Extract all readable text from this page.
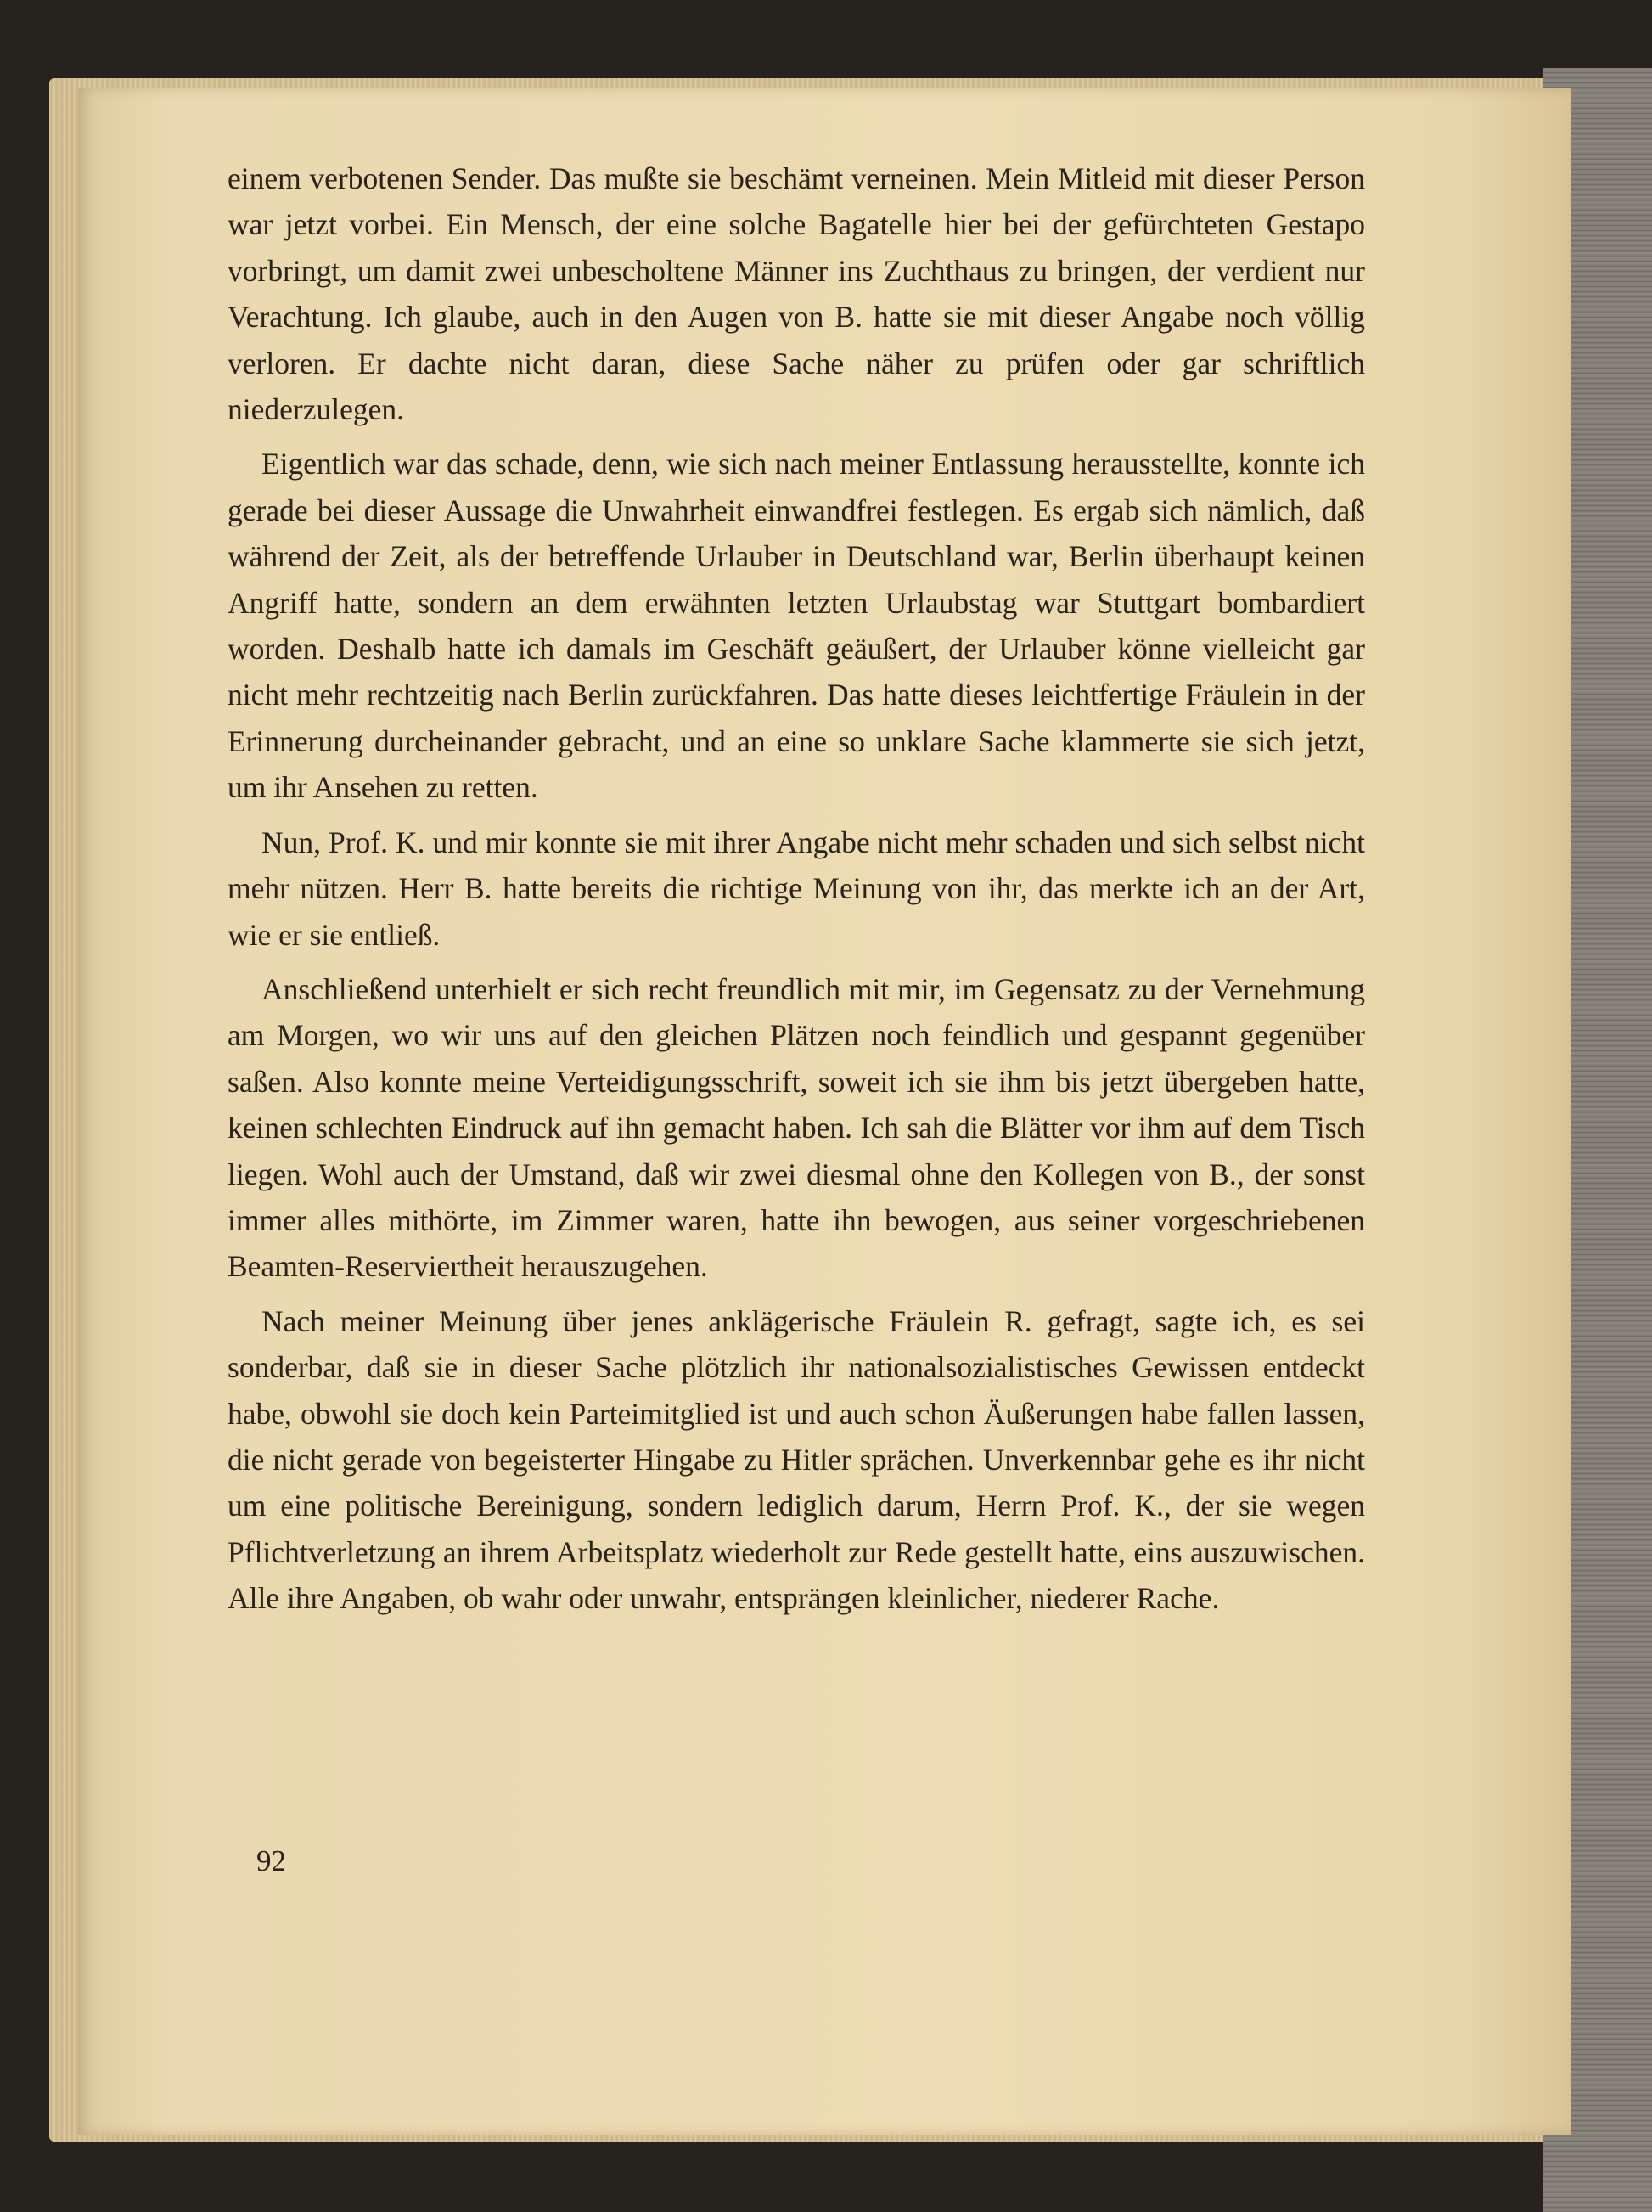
einem verbotenen Sender. Das mußte sie beschämt verneinen. Mein Mitleid mit dieser Person war jetzt vorbei. Ein Mensch, der eine solche Bagatelle hier bei der gefürchteten Gestapo vorbringt, um damit zwei unbescholtene Männer ins Zuchthaus zu bringen, der verdient nur Verachtung. Ich glaube, auch in den Augen von B. hatte sie mit dieser Angabe noch völlig verloren. Er dachte nicht daran, diese Sache näher zu prüfen oder gar schriftlich niederzulegen.

Eigentlich war das schade, denn, wie sich nach meiner Entlassung herausstellte, konnte ich gerade bei dieser Aussage die Unwahrheit einwandfrei festlegen. Es ergab sich nämlich, daß während der Zeit, als der betreffende Urlauber in Deutschland war, Berlin überhaupt keinen Angriff hatte, sondern an dem erwähnten letzten Urlaubstag war Stuttgart bombardiert worden. Deshalb hatte ich damals im Geschäft geäußert, der Urlauber könne vielleicht gar nicht mehr rechtzeitig nach Berlin zurückfahren. Das hatte dieses leichtfertige Fräulein in der Erinnerung durcheinander gebracht, und an eine so unklare Sache klammerte sie sich jetzt, um ihr Ansehen zu retten.

Nun, Prof. K. und mir konnte sie mit ihrer Angabe nicht mehr schaden und sich selbst nicht mehr nützen. Herr B. hatte bereits die richtige Meinung von ihr, das merkte ich an der Art, wie er sie entließ.

Anschließend unterhielt er sich recht freundlich mit mir, im Gegensatz zu der Vernehmung am Morgen, wo wir uns auf den gleichen Plätzen noch feindlich und gespannt gegenüber saßen. Also konnte meine Verteidigungsschrift, soweit ich sie ihm bis jetzt übergeben hatte, keinen schlechten Eindruck auf ihn gemacht haben. Ich sah die Blätter vor ihm auf dem Tisch liegen. Wohl auch der Umstand, daß wir zwei diesmal ohne den Kollegen von B., der sonst immer alles mithörte, im Zimmer waren, hatte ihn bewogen, aus seiner vorgeschriebenen Beamten-Reserviertheit herauszugehen.

Nach meiner Meinung über jenes anklägerische Fräulein R. gefragt, sagte ich, es sei sonderbar, daß sie in dieser Sache plötzlich ihr nationalsozialistisches Gewissen entdeckt habe, obwohl sie doch kein Parteimitglied ist und auch schon Äußerungen habe fallen lassen, die nicht gerade von begeisterter Hingabe zu Hitler sprächen. Unverkennbar gehe es ihr nicht um eine politische Bereinigung, sondern lediglich darum, Herrn Prof. K., der sie wegen Pflichtverletzung an ihrem Arbeitsplatz wiederholt zur Rede gestellt hatte, eins auszuwischen. Alle ihre Angaben, ob wahr oder unwahr, entsprängen kleinlicher, niederer Rache.

92
